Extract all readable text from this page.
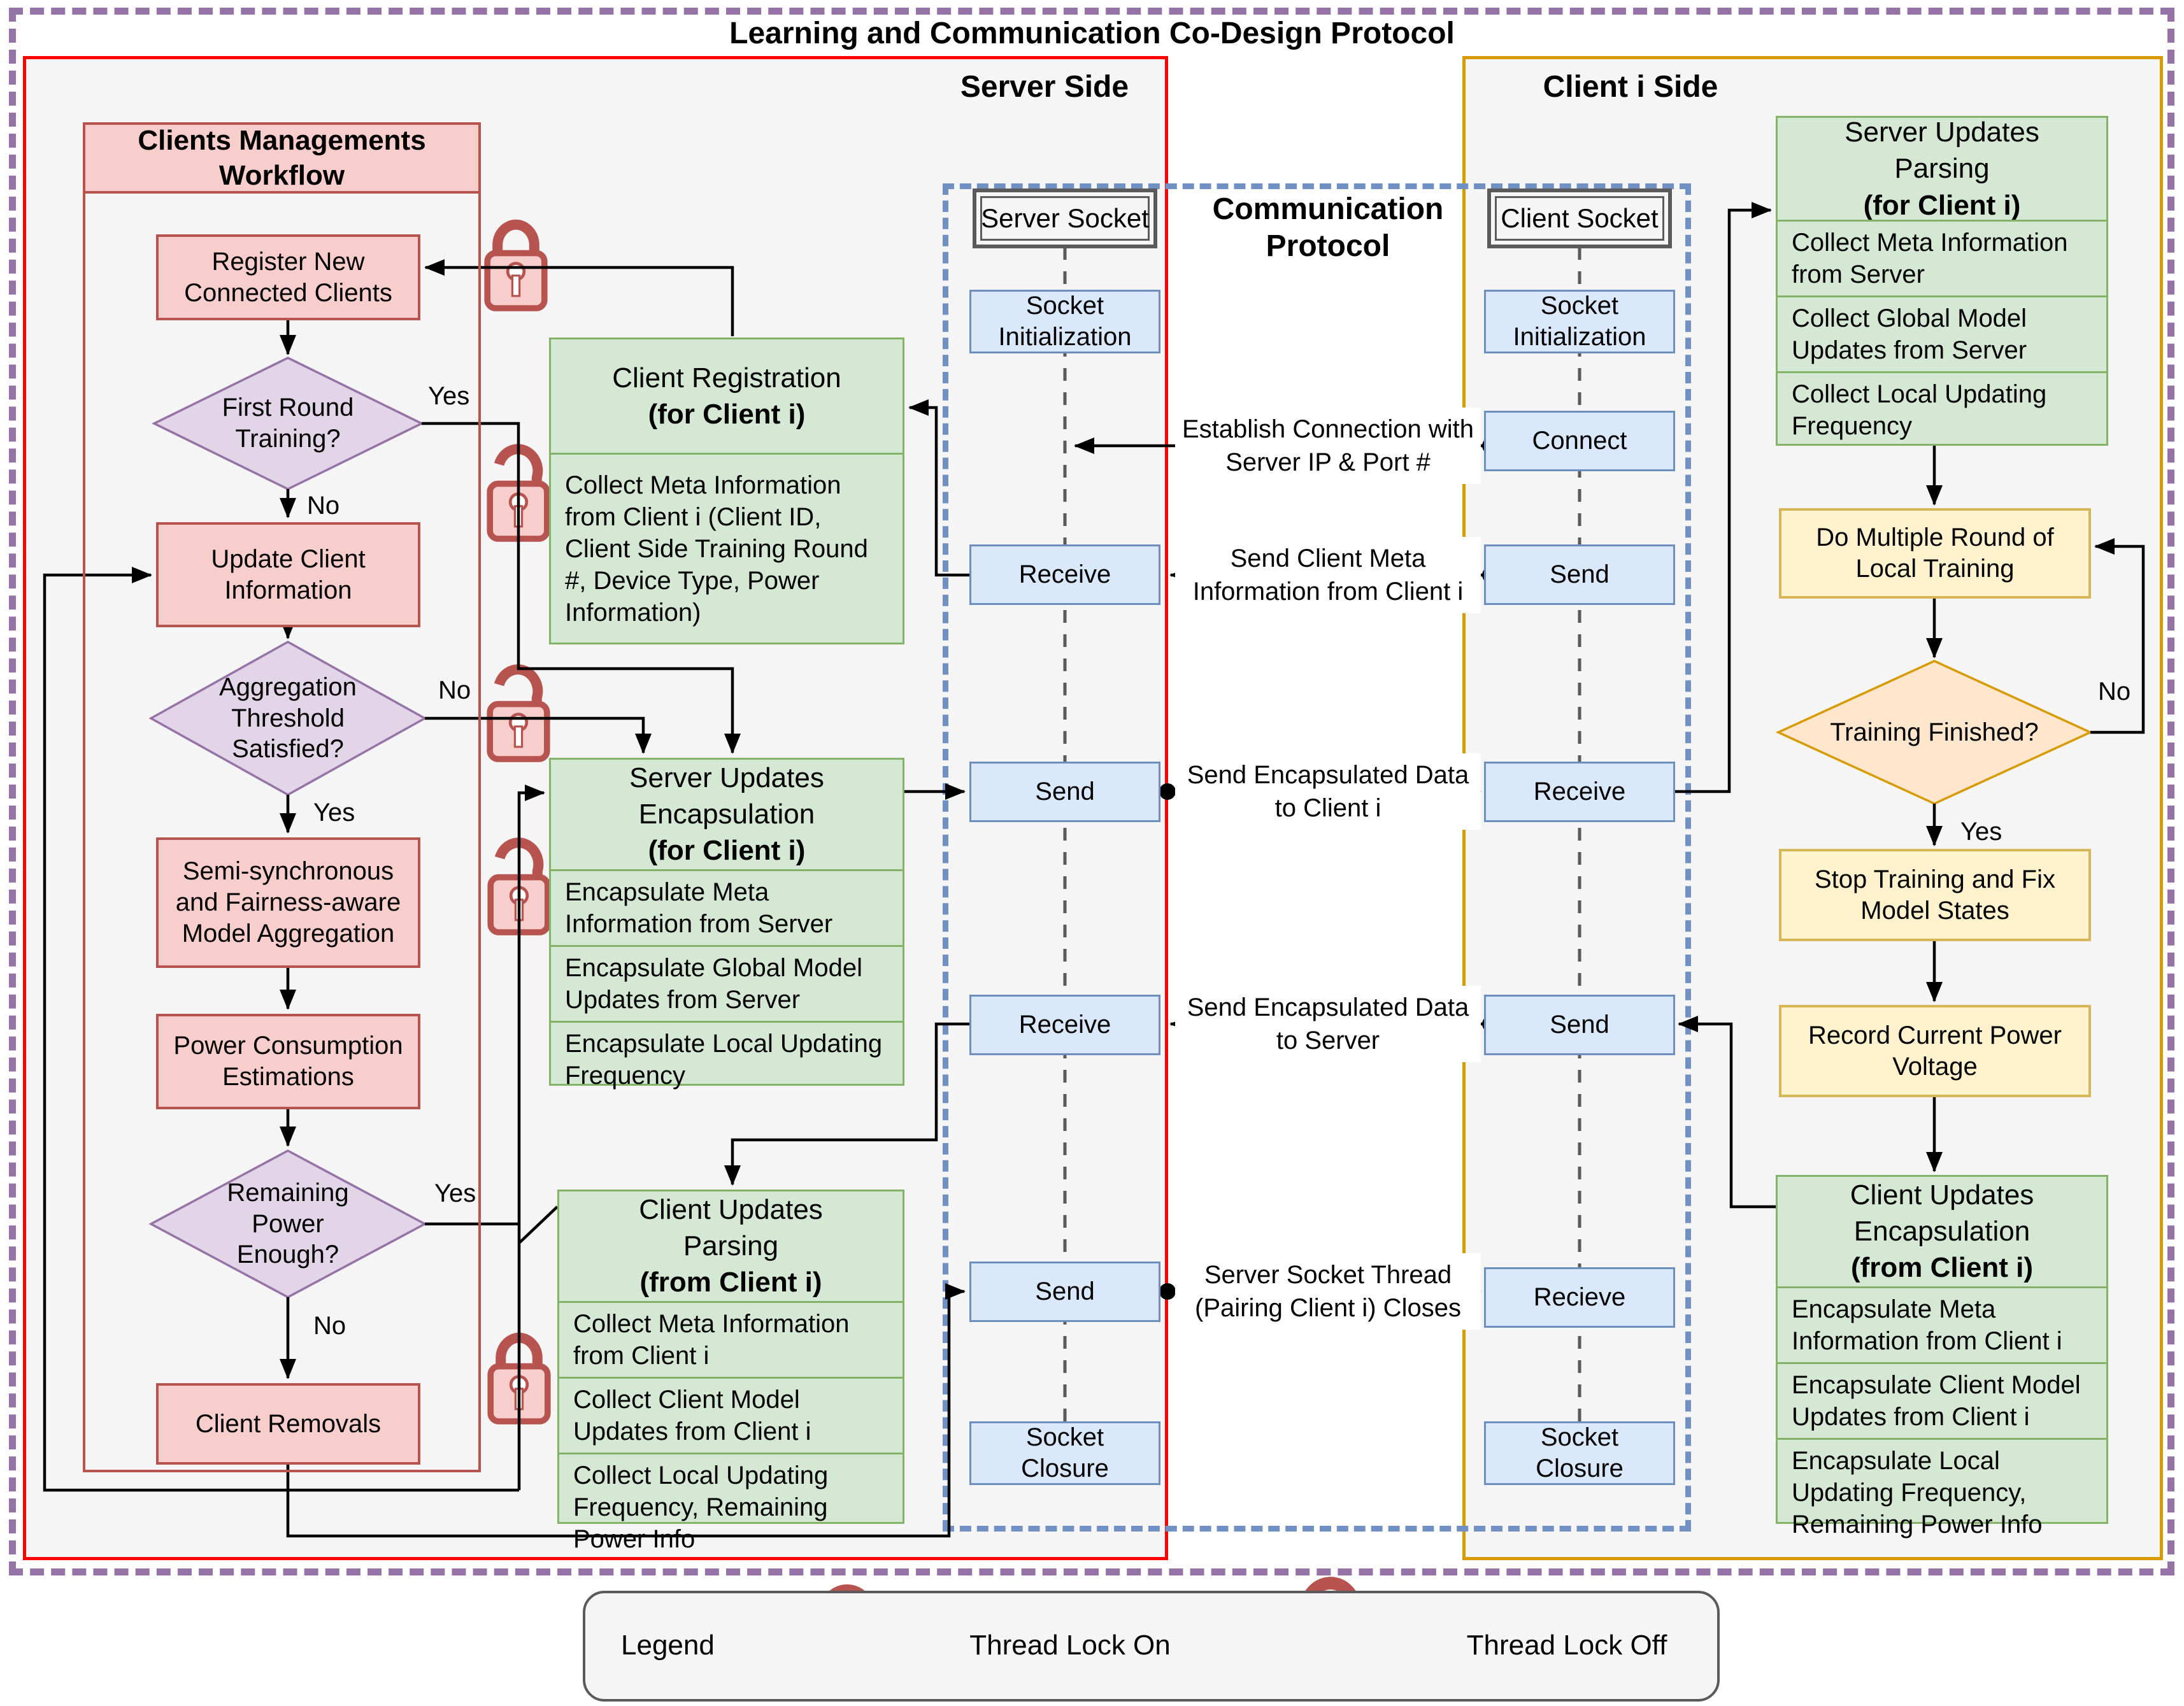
Learning and Communication Co-Design Protocol
Server Side	Client i Side
Communication Protocol
Server Socket	Client Socket
Clients Managements Workflow
Register New Connected Clients
First Round Training?
Update Client Information
Aggregation Threshold Satisfied?
Semi-synchronous and Fairness-aware Model Aggregation
Power Consumption Estimations
Remaining Power Enough?
Client Removals
Yes
No
No
Yes
Yes
No
No
Yes
Client Registration
(for Client i)
Collect Meta Information from Client i (Client ID, Client Side Training Round #, Device Type, Power Information)
Server Updates Encapsulation
(for Client i)
Encapsulate Meta Information from Server
Encapsulate Global Model Updates from Server
Encapsulate Local Updating Frequency
Client Updates Parsing
(from Client i)
Collect Meta Information from Client i
Collect Client Model Updates from Client i
Collect Local Updating Frequency, Remaining Power Info
Socket Initialization
Receive
Send
Receive
Send
Socket Closure
Socket Initialization
Connect
Send
Receive
Send
Recieve
Socket Closure
Establish Connection with Server IP & Port #
Send Client Meta Information from Client i
Send Encapsulated Data to Client i
Send Encapsulated Data to Server
Server Socket Thread (Pairing Client i) Closes
Server Updates Parsing
(for Client i)
Collect Meta Information from Server
Collect Global Model Updates from Server
Collect Local Updating Frequency
Do Multiple Round of Local Training
Training Finished?
Stop Training and Fix Model States
Record Current Power Voltage
Client Updates Encapsulation
(from Client i)
Encapsulate Meta Information from Client i
Encapsulate Client Model Updates from Client i
Encapsulate Local Updating Frequency, Remaining Power Info
Legend	Thread Lock On	Thread Lock Off
